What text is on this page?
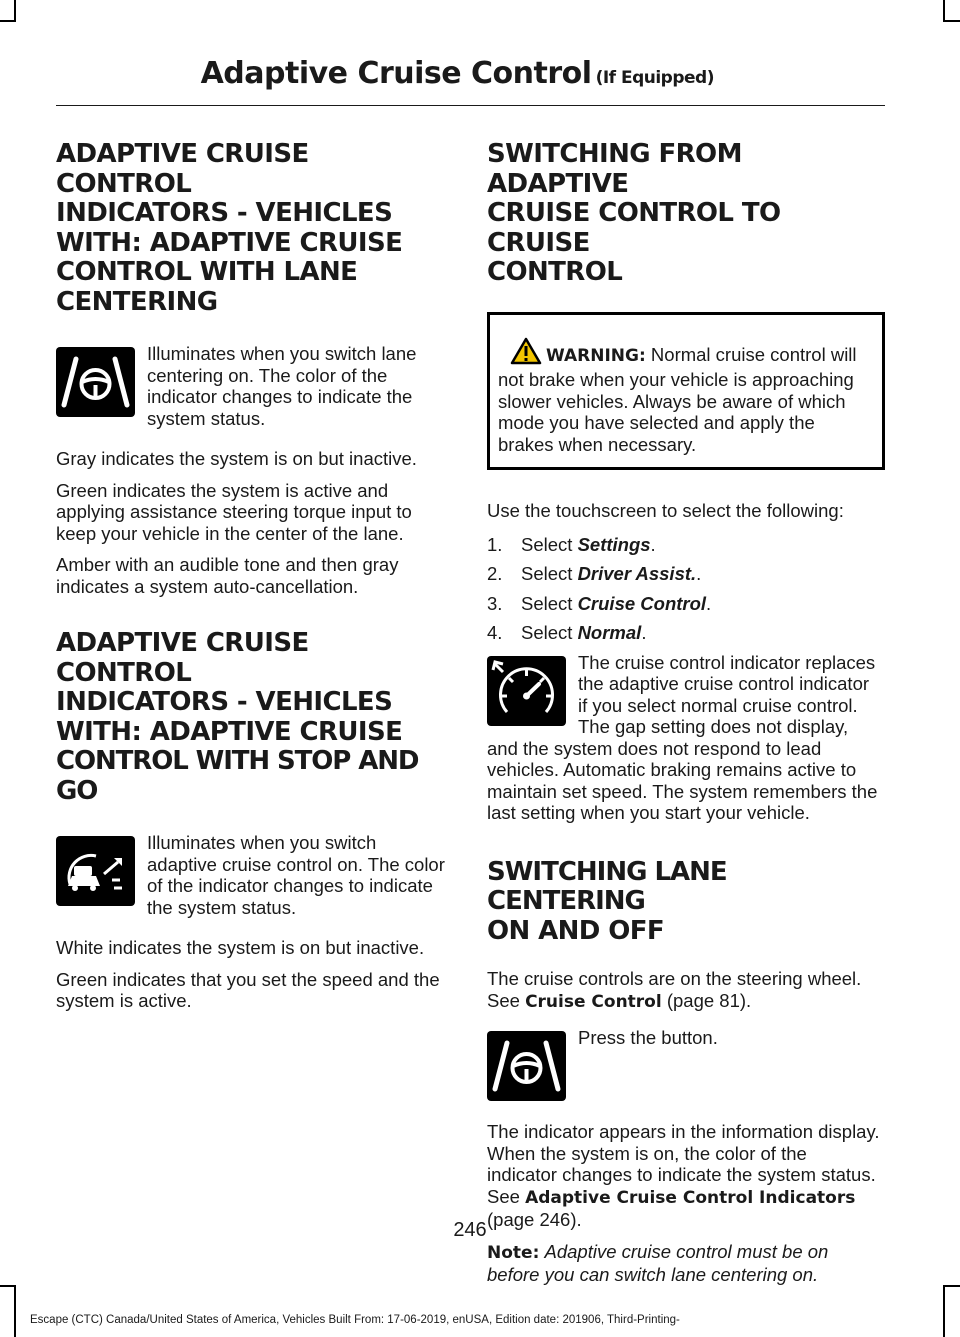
Adaptive Cruise Control (If Equipped)
ADAPTIVE CRUISE CONTROL
INDICATORS - VEHICLES
WITH: ADAPTIVE CRUISE
CONTROL WITH LANE
CENTERING

Illuminates when you switch lane centering on. The color of the indicator changes to indicate the system status.

Gray indicates the system is on but inactive.

Green indicates the system is active and applying assistance steering torque input to keep your vehicle in the center of the lane.

Amber with an audible tone and then gray indicates a system auto-cancellation.

ADAPTIVE CRUISE CONTROL
INDICATORS - VEHICLES
WITH: ADAPTIVE CRUISE
CONTROL WITH STOP AND GO

Illuminates when you switch adaptive cruise control on. The color of the indicator changes to indicate the system status.

White indicates the system is on but inactive.

Green indicates that you set the speed and the system is active.

SWITCHING FROM ADAPTIVE
CRUISE CONTROL TO CRUISE
CONTROL
WARNING: Normal cruise control will not brake when your vehicle is approaching slower vehicles. Always be aware of which mode you have selected and apply the brakes when necessary.

Use the touchscreen to select the following:

1. Select Settings.
2. Select Driver Assist..
3. Select Cruise Control.
4. Select Normal.

The cruise control indicator replaces the adaptive cruise control indicator if you select normal cruise control. The gap setting does not display, and the system does not respond to lead vehicles. Automatic braking remains active to maintain set speed. The system remembers the last setting when you start your vehicle.

SWITCHING LANE CENTERING
ON AND OFF

The cruise controls are on the steering wheel. See Cruise Control (page 81).

Press the button.

The indicator appears in the information display. When the system is on, the color of the indicator changes to indicate the system status. See Adaptive Cruise Control Indicators (page 246).

Note: Adaptive cruise control must be on before you can switch lane centering on.

246
Escape (CTC) Canada/United States of America, Vehicles Built From: 17-06-2019, enUSA, Edition date: 201906, Third-Printing-
